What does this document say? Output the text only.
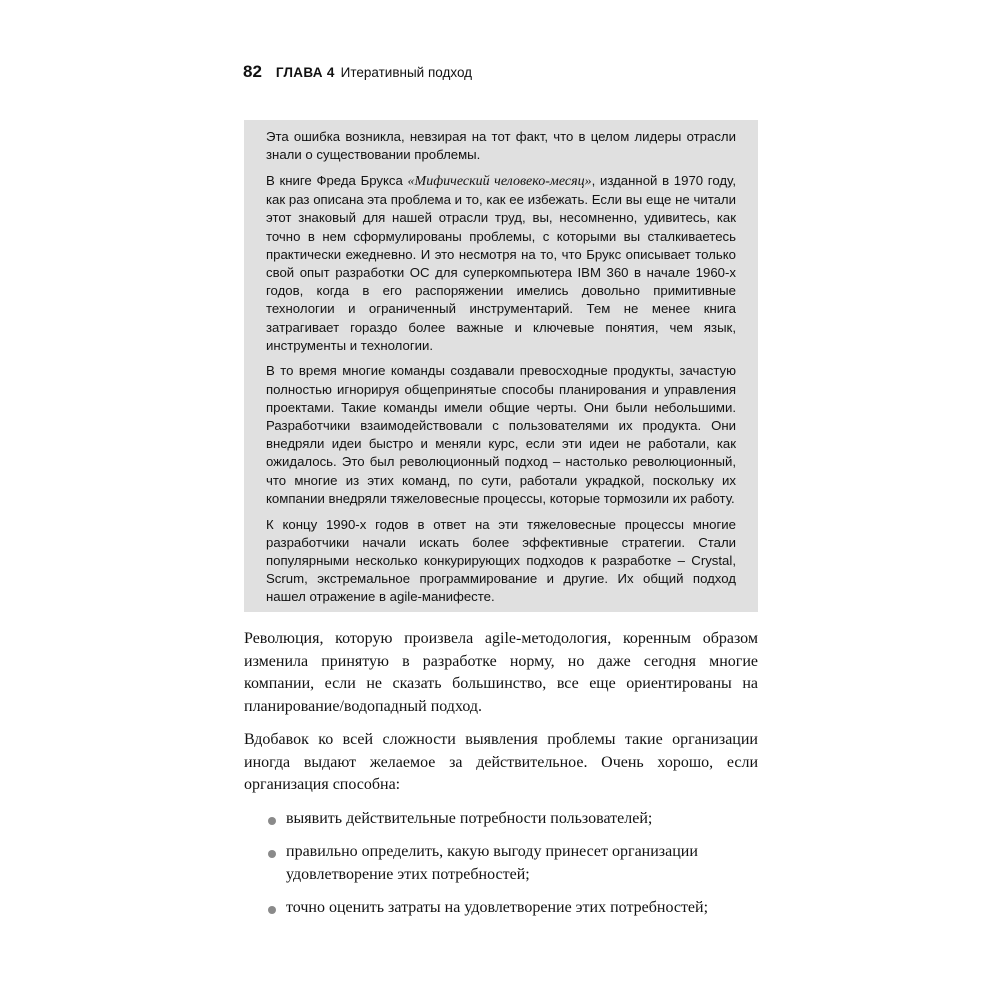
82 ГЛАВА 4 Итеративный подход

Эта ошибка возникла, невзирая на тот факт, что в целом лидеры отрасли знали о существовании проблемы.

В книге Фреда Брукса «Мифический человеко-месяц», изданной в 1970 году, как раз описана эта проблема и то, как ее избежать. Если вы еще не читали этот знаковый для нашей отрасли труд, вы, несомненно, удивитесь, как точно в нем сформулированы проблемы, с которыми вы сталкиваетесь практически ежедневно. И это несмотря на то, что Брукс описывает только свой опыт разработки ОС для суперкомпьютера IBM 360 в начале 1960-х годов, когда в его распоряжении имелись довольно примитивные технологии и ограниченный инструментарий. Тем не менее книга затрагивает гораздо более важные и ключевые понятия, чем язык, инструменты и технологии.

В то время многие команды создавали превосходные продукты, зачастую полностью игнорируя общепринятые способы планирования и управления проектами. Такие команды имели общие черты. Они были небольшими. Разработчики взаимодействовали с пользователями их продукта. Они внедряли идеи быстро и меняли курс, если эти идеи не работали, как ожидалось. Это был революционный подход – настолько революционный, что многие из этих команд, по сути, работали украдкой, поскольку их компании внедряли тяжеловесные процессы, которые тормозили их работу.

К концу 1990-х годов в ответ на эти тяжеловесные процессы многие разработчики начали искать более эффективные стратегии. Стали популярными несколько конкурирующих подходов к разработке – Crystal, Scrum, экстремальное программирование и другие. Их общий подход нашел отражение в agile-манифесте.

Революция, которую произвела agile-методология, коренным образом изменила принятую в разработке норму, но даже сегодня многие компании, если не сказать большинство, все еще ориентированы на планирование/водопадный подход.

Вдобавок ко всей сложности выявления проблемы такие организации иногда выдают желаемое за действительное. Очень хорошо, если организация способна:

выявить действительные потребности пользователей;
правильно определить, какую выгоду принесет организации удовлетворение этих потребностей;
точно оценить затраты на удовлетворение этих потребностей;
